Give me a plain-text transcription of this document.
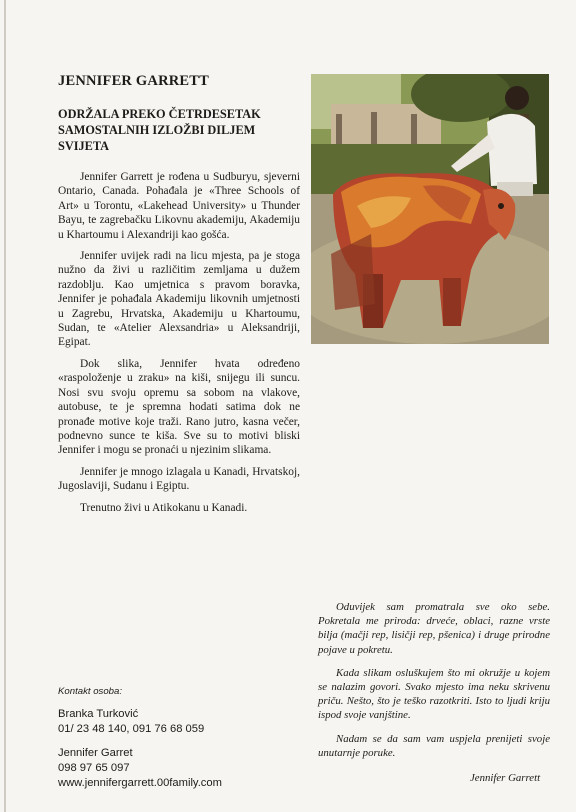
JENNIFER GARRETT
ODRŽALA PREKO ČETRDESETAK SAMOSTALNIH IZLOŽBI DILJEM SVIJETA

Jennifer Garrett je rođena u Sudburyu, sjeverni Ontario, Canada. Pohađala je «Three Schools of Art» u Torontu, «Lakehead University» u Thunder Bayu, te zagrebačku Likovnu akademiju, Akademiju u Khartoumu i Alexandriji kao gošća.

Jennifer uvijek radi na licu mjesta, pa je stoga nužno da živi u različitim zemljama u dužem razdoblju. Kao umjetnica s pravom boravka, Jennifer je pohađala Akademiju likovnih umjetnosti u Zagrebu, Hrvatska, Akademiju u Khartoumu, Sudan, te «Atelier Alexsandria» u Aleksandriji, Egipat.

Dok slika, Jennifer hvata određeno «raspoloženje u zraku» na kiši, snijegu ili suncu. Nosi svu svoju opremu sa sobom na vlakove, autobuse, te je spremna hodati satima dok ne pronađe motive koje traži. Rano jutro, kasna večer, podnevno sunce te kiša. Sve su to motivi bliski Jennifer i mogu se pronaći u njezinim slikama.

Jennifer je mnogo izlagala u Kanadi, Hrvatskoj, Jugoslaviji, Sudanu i Egiptu.

Trenutno živi u Atikokanu u Kanadi.

Oduvijek sam promatrala sve oko sebe. Pokretala me priroda: drveće, oblaci, razne vrste bilja (mačji rep, lisičji rep, pšenica) i druge prirodne pojave u pokretu.

Kada slikam osluškujem što mi okružje u kojem se nalazim govori. Svako mjesto ima neku skrivenu priču. Nešto, što je teško razotkriti. Isto to ljudi kriju ispod svoje vanjštine.

Nadam se da sam vam uspjela prenijeti svoje unutarnje poruke.

Jennifer Garrett
Kontakt osoba:
Branka Turković
01/ 23 48 140, 091 76 68 059
Jennifer Garret
098 97 65 097
www.jennifergarrett.00family.com
